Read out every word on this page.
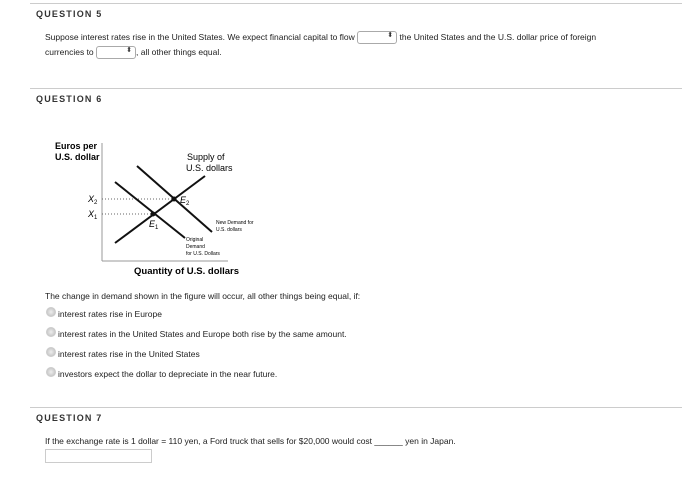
QUESTION 5
Suppose interest rates rise in the United States. We expect financial capital to flow	⬍ the United States and the U.S. dollar price of foreign
currencies to	⬍ , all other things equal.
QUESTION 6
Euros per
U.S. dollar	Supply of
U.S. dollars
X 2
X 1
E 2
E 1
New Demand for
U.S. dollars
Original
Demand
for U.S. Dollars
Quantity of U.S. dollars
The change in demand shown in the figure will occur, all other things being equal, if:
interest rates rise in Europe
interest rates in the United States and Europe both rise by the same amount.
interest rates rise in the United States
investors expect the dollar to depreciate in the near future.
QUESTION 7
If the exchange rate is 1 dollar = 110 yen, a Ford truck that sells for $20,000 would cost ______ yen in Japan.
